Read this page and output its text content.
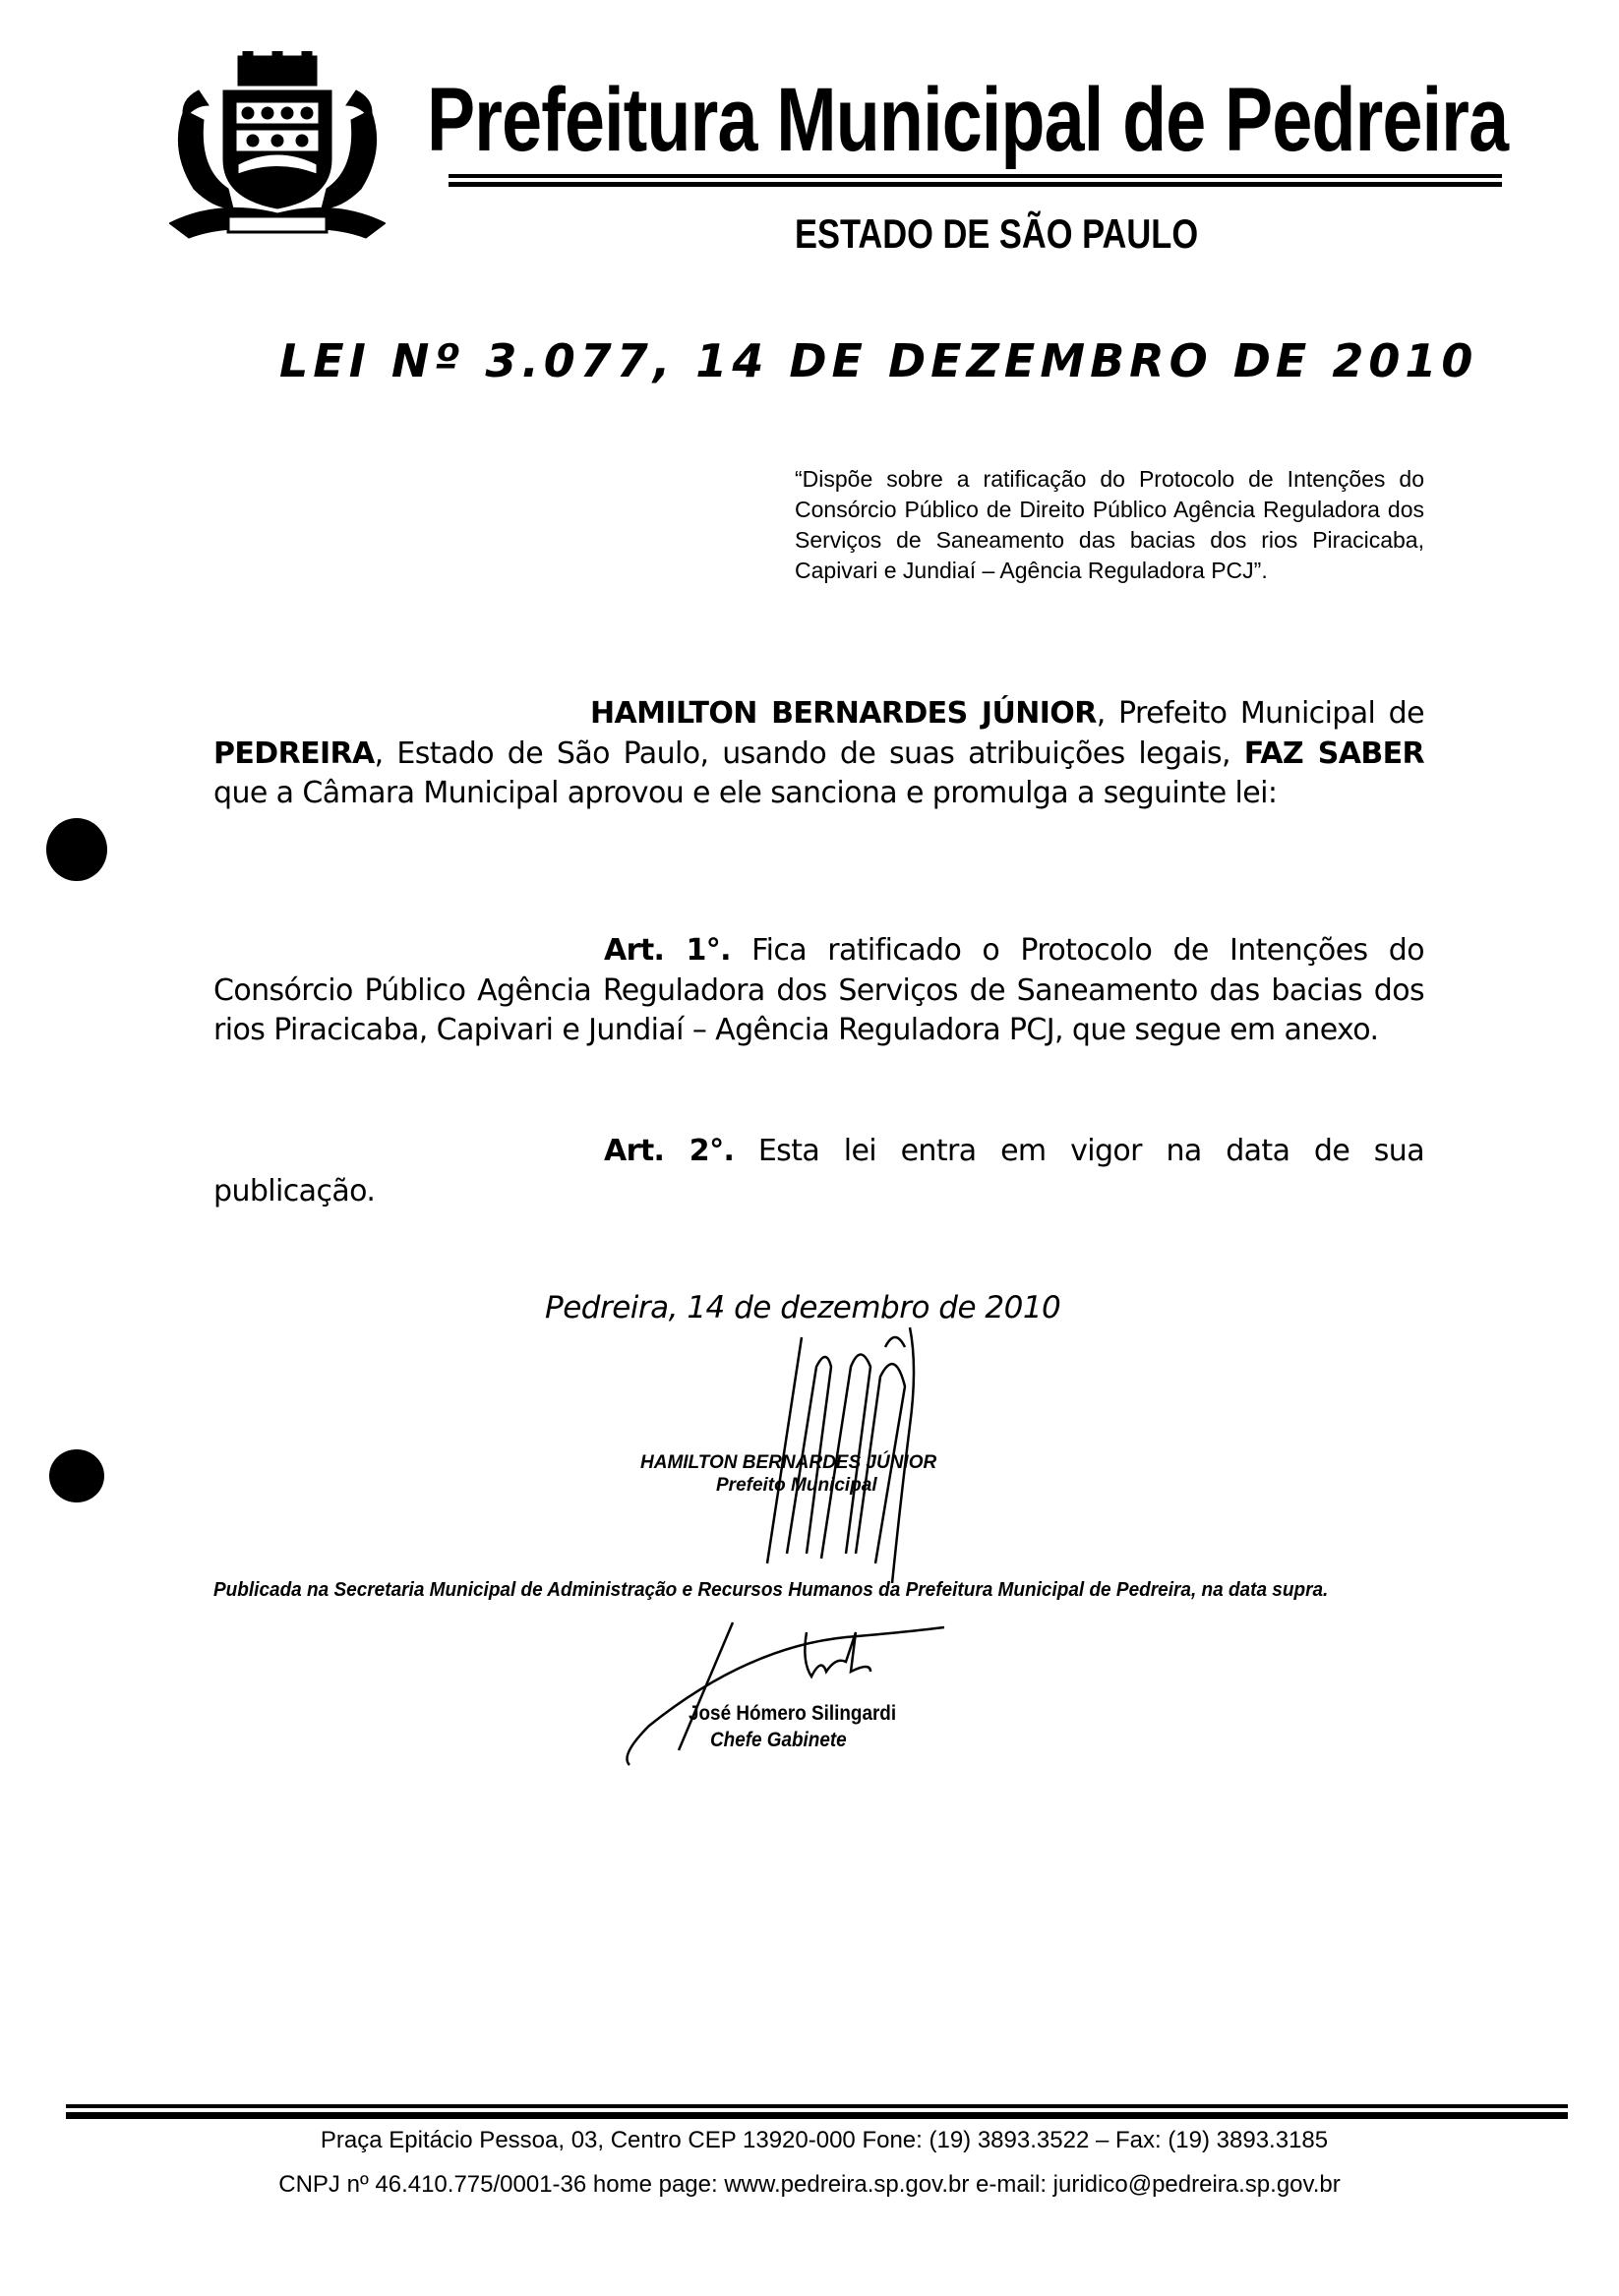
Prefeitura Municipal de Pedreira
ESTADO DE SÃO PAULO
LEI Nº 3.077, 14 DE DEZEMBRO DE 2010
“Dispõe sobre a ratificação do Protocolo de Intenções do Consórcio Público de Direito Público Agência Reguladora dos Serviços de Saneamento das bacias dos rios Piracicaba, Capivari e Jundiaí – Agência Reguladora PCJ”.
HAMILTON BERNARDES JÚNIOR, Prefeito Municipal de PEDREIRA, Estado de São Paulo, usando de suas atribuições legais, FAZ SABER que a Câmara Municipal aprovou e ele sanciona e promulga a seguinte lei:
Art. 1°. Fica ratificado o Protocolo de Intenções do Consórcio Público Agência Reguladora dos Serviços de Saneamento das bacias dos rios Piracicaba, Capivari e Jundiaí – Agência Reguladora PCJ, que segue em anexo.
Art. 2°. Esta lei entra em vigor na data de sua publicação.
Pedreira, 14 de dezembro de 2010
HAMILTON BERNARDES JÚNIOR
Prefeito Municipal
Publicada na Secretaria Municipal de Administração e Recursos Humanos da Prefeitura Municipal de Pedreira, na data supra.
José Hómero Silingardi
Chefe Gabinete
Praça Epitácio Pessoa, 03, Centro CEP 13920-000 Fone: (19) 3893.3522 – Fax: (19) 3893.3185
CNPJ nº 46.410.775/0001-36 home page: www.pedreira.sp.gov.br e-mail: juridico@pedreira.sp.gov.br
